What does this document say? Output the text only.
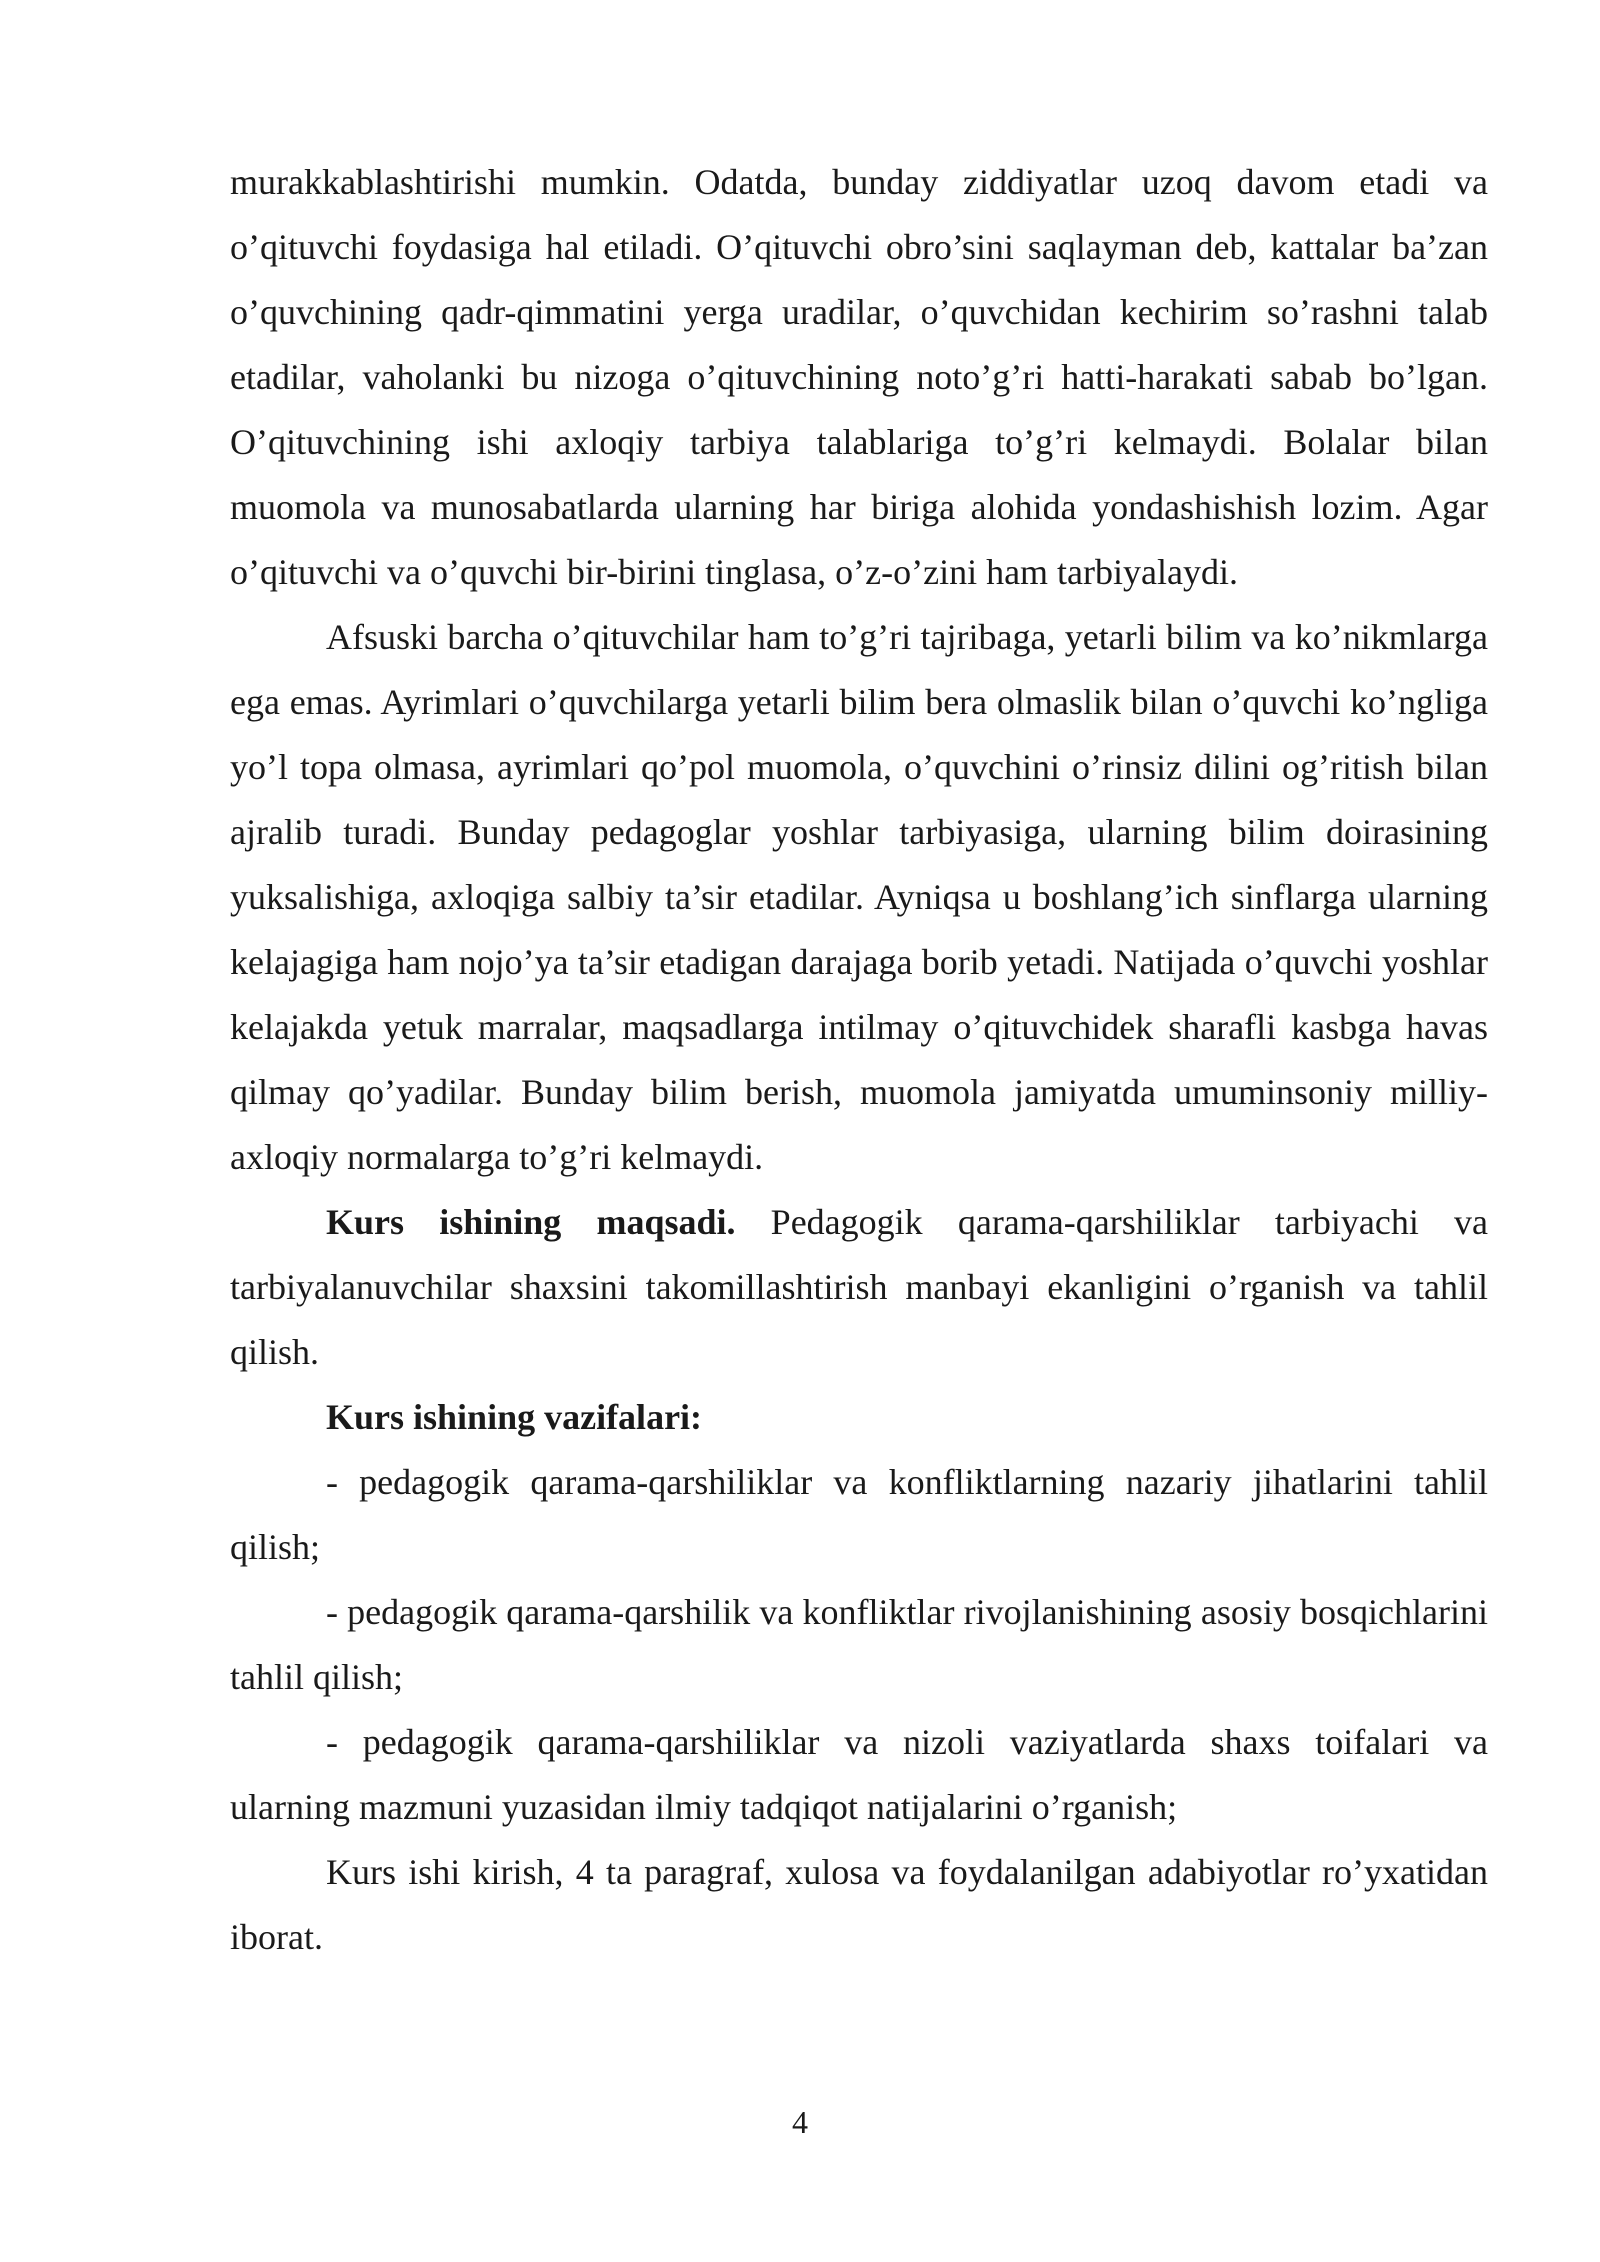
murakkablashtirishi mumkin. Odatda, bunday ziddiyatlar uzoq davom etadi va o’qituvchi foydasiga hal etiladi. O’qituvchi obro’sini saqlayman deb, kattalar ba’zan o’quvchining qadr-qimmatini yerga uradilar, o’quvchidan kechirim so’rashni talab etadilar, vaholanki bu nizoga o’qituvchining noto’g’ri hatti-harakati sabab bo’lgan. O’qituvchining ishi axloqiy tarbiya talablariga to’g’ri kelmaydi. Bolalar bilan muomola va munosabatlarda ularning har biriga alohida yondashishish lozim. Agar o’qituvchi va o’quvchi bir-birini tinglasa, o’z-o’zini ham tarbiyalaydi.

Afsuski barcha o’qituvchilar ham to’g’ri tajribaga, yetarli bilim va ko’nikmlarga ega emas. Ayrimlari o’quvchilarga yetarli bilim bera olmaslik bilan o’quvchi ko’ngliga yo’l topa olmasa, ayrimlari qo’pol muomola, o’quvchini o’rinsiz dilini og’ritish bilan ajralib turadi. Bunday pedagoglar yoshlar tarbiyasiga, ularning bilim doirasining yuksalishiga, axloqiga salbiy ta’sir etadilar. Ayniqsa u boshlang’ich sinflarga ularning kelajagiga ham nojo’ya ta’sir etadigan darajaga borib yetadi. Natijada o’quvchi yoshlar kelajakda yetuk marralar, maqsadlarga intilmay o’qituvchidek sharafli kasbga havas qilmay qo’yadilar. Bunday bilim berish, muomola jamiyatda umuminsoniy milliy-axloqiy normalarga to’g’ri kelmaydi.

Kurs ishining maqsadi. Pedagogik qarama-qarshiliklar tarbiyachi va tarbiyalanuvchilar shaxsini takomillashtirish manbayi ekanligini o’rganish va tahlil qilish.

Kurs ishining vazifalari:

- pedagogik qarama-qarshiliklar va konfliktlarning nazariy jihatlarini tahlil qilish;

- pedagogik qarama-qarshilik va konfliktlar rivojlanishining asosiy bosqichlarini tahlil qilish;

- pedagogik qarama-qarshiliklar va nizoli vaziyatlarda shaxs toifalari va ularning mazmuni yuzasidan ilmiy tadqiqot natijalarini o’rganish;

Kurs ishi kirish, 4 ta paragraf, xulosa va foydalanilgan adabiyotlar ro’yxatidan iborat.

4
